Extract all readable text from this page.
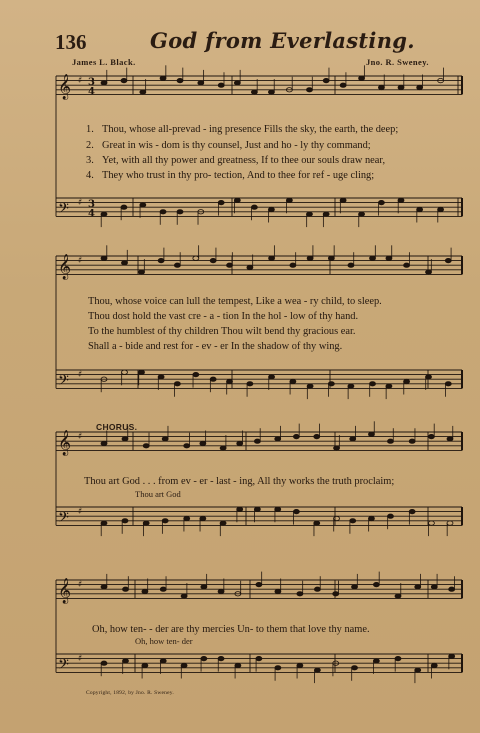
136	God from Everlasting.
James L. Black.	Jno. R. Sweney.
𝄞 ♯ 3
4
𝄢 ♯ 3
4
𝄞 ♯
𝄢 ♯
𝄞 ♯
𝄢 ♯
𝄞 ♯
𝄢 ♯
1. Thou, whose all-prevad - ing presence Fills the sky, the earth, the deep;
2. Great in wis - dom is thy counsel, Just and ho - ly thy command;
3. Yet, with all thy power and greatness, If to thee our souls draw near,
4. They who trust in thy pro- tection, And to thee for ref - uge cling;
Thou, whose voice can lull the tempest, Like a wea - ry child, to sleep.
Thou dost hold the vast cre - a - tion In the hol - low of thy hand.
To the humblest of thy children Thou wilt bend thy gracious ear.
Shall a - bide and rest for - ev - er In the shadow of thy wing.
CHORUS.
Thou art God . . . from ev - er - last - ing, All thy works the truth proclaim;
Thou art God
Oh, how ten- - der are thy mercies Un- to them that love thy name.
Oh, how ten- der
Copyright, 1892, by Jno. R. Sweney.
